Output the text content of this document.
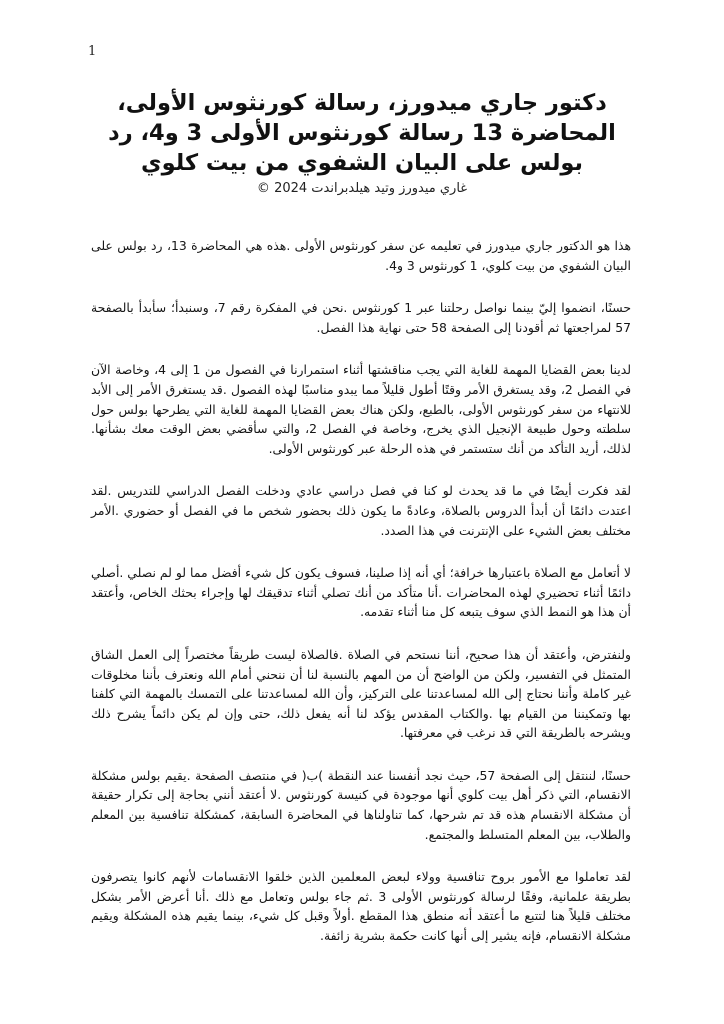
1
دكتور جاري ميدورز، رسالة كورنثوس الأولى، المحاضرة 13 رسالة كورنثوس الأولى 3 و4، رد بولس على البيان الشفوي من بيت كلوي
غاري ميدورز وتيد هيلدبراندت 2024 ©

هذا هو الدكتور جاري ميدورز في تعليمه عن سفر كورنثوس الأولى .هذه هي المحاضرة 13، رد بولس على البيان الشفوي من بيت كلوي، 1 كورنثوس 3 و4.

حسنًا، انضموا إليّ بينما نواصل رحلتنا عبر 1 كورنثوس .نحن في المفكرة رقم 7، وسنبدأ؛ سأبدأ بالصفحة 57 لمراجعتها ثم أقودنا إلى الصفحة 58 حتى نهاية هذا الفصل.

لدينا بعض القضايا المهمة للغاية التي يجب مناقشتها أثناء استمرارنا في الفصول من 1 إلى 4، وخاصة الآن في الفصل 2، وقد يستغرق الأمر وقتًا أطول قليلاً مما يبدو مناسبًا لهذه الفصول .قد يستغرق الأمر إلى الأبد للانتهاء من سفر كورنثوس الأولى، بالطبع، ولكن هناك بعض القضايا المهمة للغاية التي يطرحها بولس حول سلطته وحول طبيعة الإنجيل الذي يخرج، وخاصة في الفصل 2، والتي سأقضي بعض الوقت معك بشأنها. لذلك، أريد التأكد من أنك ستستمر في هذه الرحلة عبر كورنثوس الأولى.

لقد فكرت أيضًا في ما قد يحدث لو كنا في فصل دراسي عادي ودخلت الفصل الدراسي للتدريس .لقد اعتدت دائمًا أن أبدأ الدروس بالصلاة، وعادةً ما يكون ذلك بحضور شخص ما في الفصل أو حضوري .الأمر مختلف بعض الشيء على الإنترنت في هذا الصدد.

لا أتعامل مع الصلاة باعتبارها خرافة؛ أي أنه إذا صلينا، فسوف يكون كل شيء أفضل مما لو لم نصلي .أصلي دائمًا أثناء تحضيري لهذه المحاضرات .أنا متأكد من أنك تصلي أثناء تدقيقك لها وإجراء بحثك الخاص، وأعتقد أن هذا هو النمط الذي سوف يتبعه كل منا أثناء تقدمه.

ولنفترض، وأعتقد أن هذا صحيح، أننا نستحم في الصلاة .فالصلاة ليست طريقاً مختصراً إلى العمل الشاق المتمثل في التفسير، ولكن من الواضح أن من المهم بالنسبة لنا أن ننحني أمام الله ونعترف بأننا مخلوقات غير كاملة وأننا نحتاج إلى الله لمساعدتنا على التركيز، وأن الله لمساعدتنا على التمسك بالمهمة التي كلفنا بها وتمكيننا من القيام بها .والكتاب المقدس يؤكد لنا أنه يفعل ذلك، حتى وإن لم يكن دائماً يشرح ذلك ويشرحه بالطريقة التي قد نرغب في معرفتها.

حسنًا، لننتقل إلى الصفحة 57، حيث نجد أنفسنا عند النقطة )ب( في منتصف الصفحة .يقيم بولس مشكلة الانقسام، التي ذكر أهل بيت كلوي أنها موجودة في كنيسة كورنثوس .لا أعتقد أنني بحاجة إلى تكرار حقيقة أن مشكلة الانقسام هذه قد تم شرحها، كما تناولناها في المحاضرة السابقة، كمشكلة تنافسية بين المعلم والطلاب، بين المعلم المتسلط والمجتمع.

لقد تعاملوا مع الأمور بروح تنافسية وولاء لبعض المعلمين الذين خلقوا الانقسامات لأنهم كانوا يتصرفون بطريقة علمانية، وفقًا لرسالة كورنثوس الأولى 3 .ثم جاء بولس وتعامل مع ذلك .أنا أعرض الأمر بشكل مختلف قليلاً هنا لتتبع ما أعتقد أنه منطق هذا المقطع .أولاً وقبل كل شيء، بينما يقيم هذه المشكلة ويقيم مشكلة الانقسام، فإنه يشير إلى أنها كانت حكمة بشرية زائفة.
